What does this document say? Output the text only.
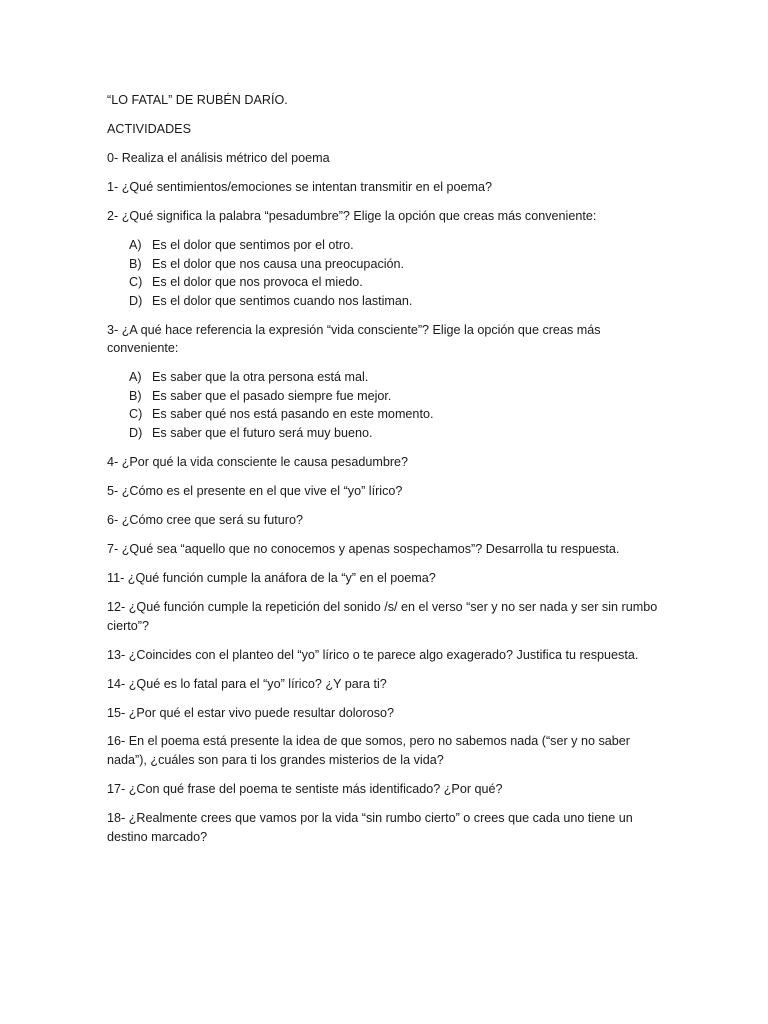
“LO FATAL” DE RUBÉN DARÍO.

ACTIVIDADES

0- Realiza el análisis métrico del poema

1- ¿Qué sentimientos/emociones se intentan transmitir en el poema?

2- ¿Qué significa la palabra “pesadumbre”? Elige la opción que creas más conveniente:

A) Es el dolor que sentimos por el otro.
B) Es el dolor que nos causa una preocupación.
C) Es el dolor que nos provoca el miedo.
D) Es el dolor que sentimos cuando nos lastiman.

3- ¿A qué hace referencia la expresión “vida consciente”? Elige la opción que creas más conveniente:

A) Es saber que la otra persona está mal.
B) Es saber que el pasado siempre fue mejor.
C) Es saber qué nos está pasando en este momento.
D) Es saber que el futuro será muy bueno.

4- ¿Por qué la vida consciente le causa pesadumbre?

5- ¿Cómo es el presente en el que vive el “yo” lírico?

6- ¿Cómo cree que será su futuro?

7- ¿Qué sea “aquello que no conocemos y apenas sospechamos”? Desarrolla tu respuesta.

11- ¿Qué función cumple la anáfora de la “y” en el poema?

12- ¿Qué función cumple la repetición del sonido /s/ en el verso “ser y no ser nada y ser sin rumbo cierto”?

13- ¿Coincides con el planteo del “yo” lírico o te parece algo exagerado? Justifica tu respuesta.

14- ¿Qué es lo fatal para el “yo” lírico? ¿Y para ti?

15- ¿Por qué el estar vivo puede resultar doloroso?

16- En el poema está presente la idea de que somos, pero no sabemos nada (“ser y no saber nada”), ¿cuáles son para ti los grandes misterios de la vida?

17- ¿Con qué frase del poema te sentiste más identificado? ¿Por qué?

18- ¿Realmente crees que vamos por la vida “sin rumbo cierto” o crees que cada uno tiene un destino marcado?
